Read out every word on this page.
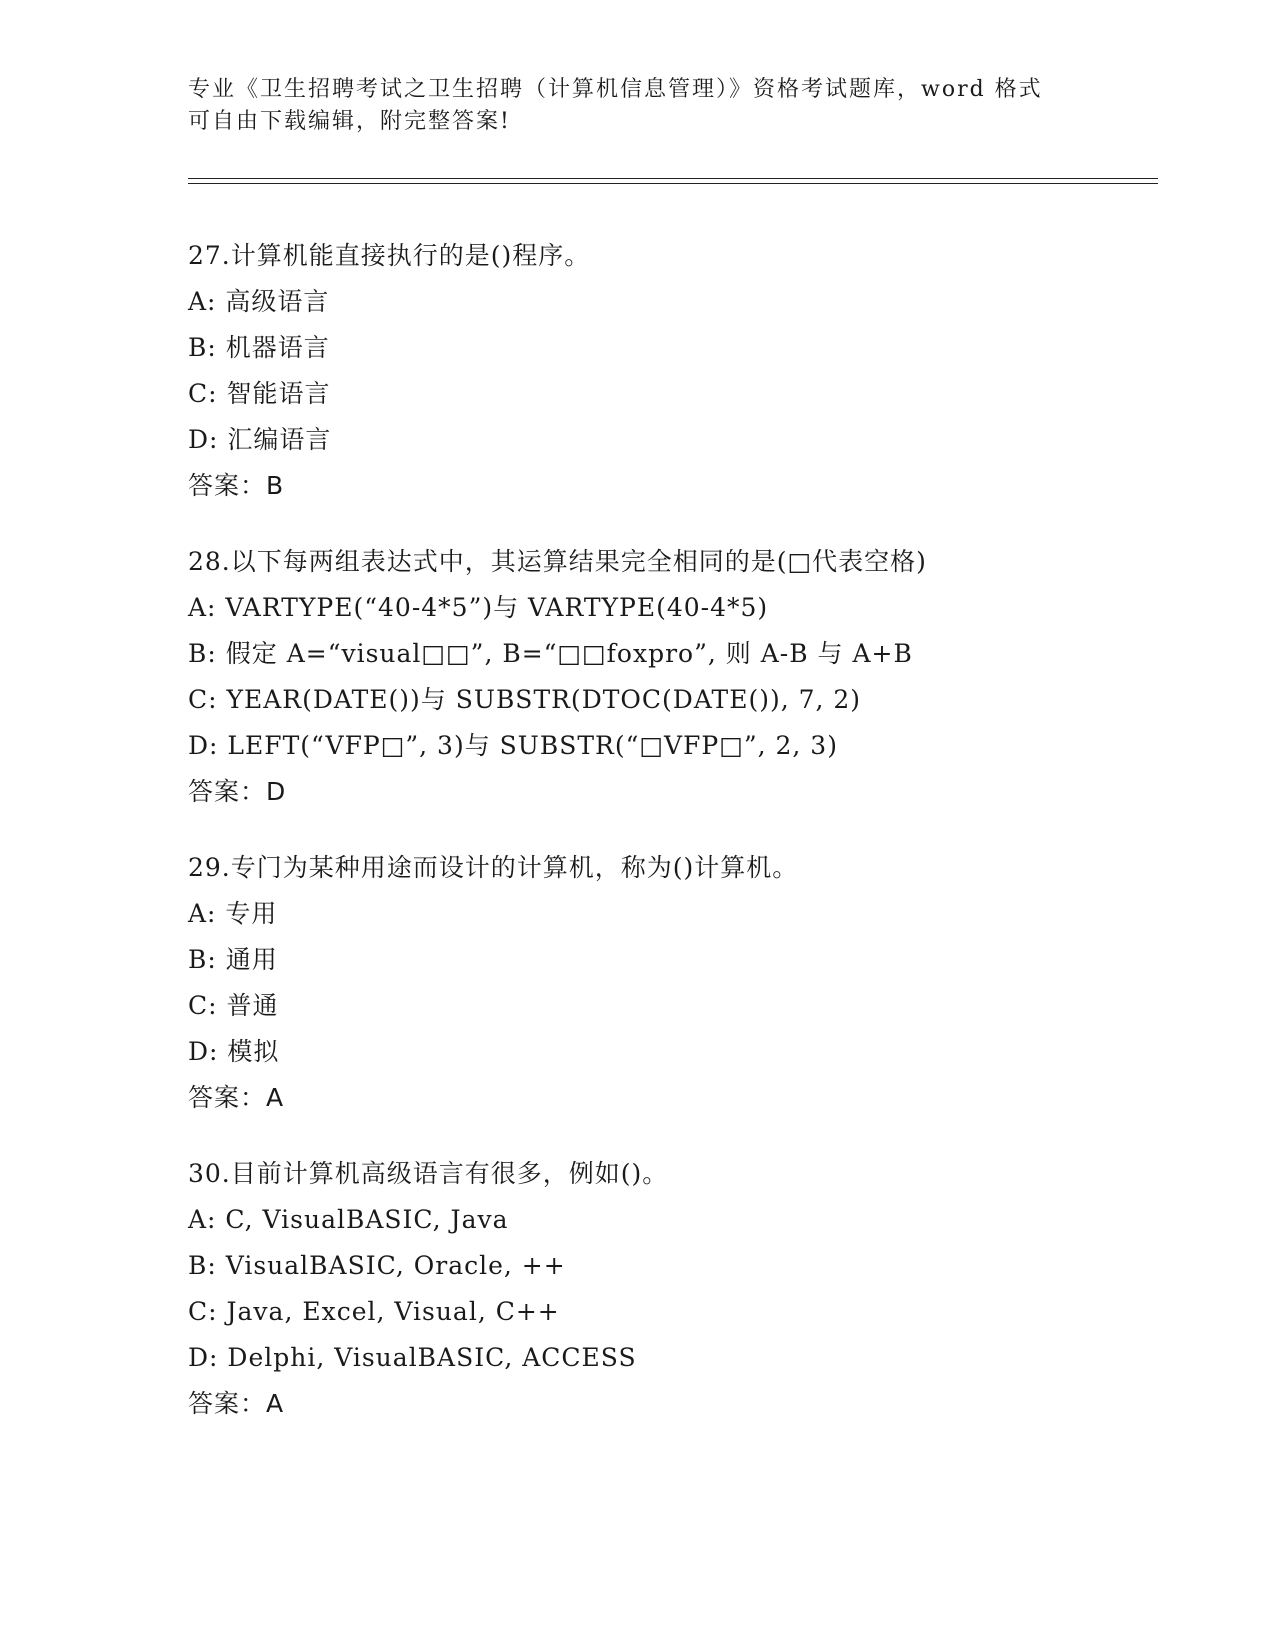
专业《卫生招聘考试之卫生招聘（计算机信息管理）》资格考试题库，word 格式
可自由下载编辑，附完整答案!
27.计算机能直接执行的是()程序。
A: 高级语言
B: 机器语言
C: 智能语言
D: 汇编语言
答案：B
28.以下每两组表达式中，其运算结果完全相同的是(□代表空格)
A: VARTYPE(“40-4*5”)与 VARTYPE(40-4*5)
B: 假定 A=“visual□□”, B=“□□foxpro”, 则 A-B 与 A+B
C: YEAR(DATE())与 SUBSTR(DTOC(DATE()), 7, 2)
D: LEFT(“VFP□”, 3)与 SUBSTR(“□VFP□”, 2, 3)
答案：D
29.专门为某种用途而设计的计算机，称为()计算机。
A: 专用
B: 通用
C: 普通
D: 模拟
答案：A
30.目前计算机高级语言有很多，例如()。
A: C, VisualBASIC, Java
B: VisualBASIC, Oracle, ++
C: Java, Excel, Visual, C++
D: Delphi, VisualBASIC, ACCESS
答案：A
